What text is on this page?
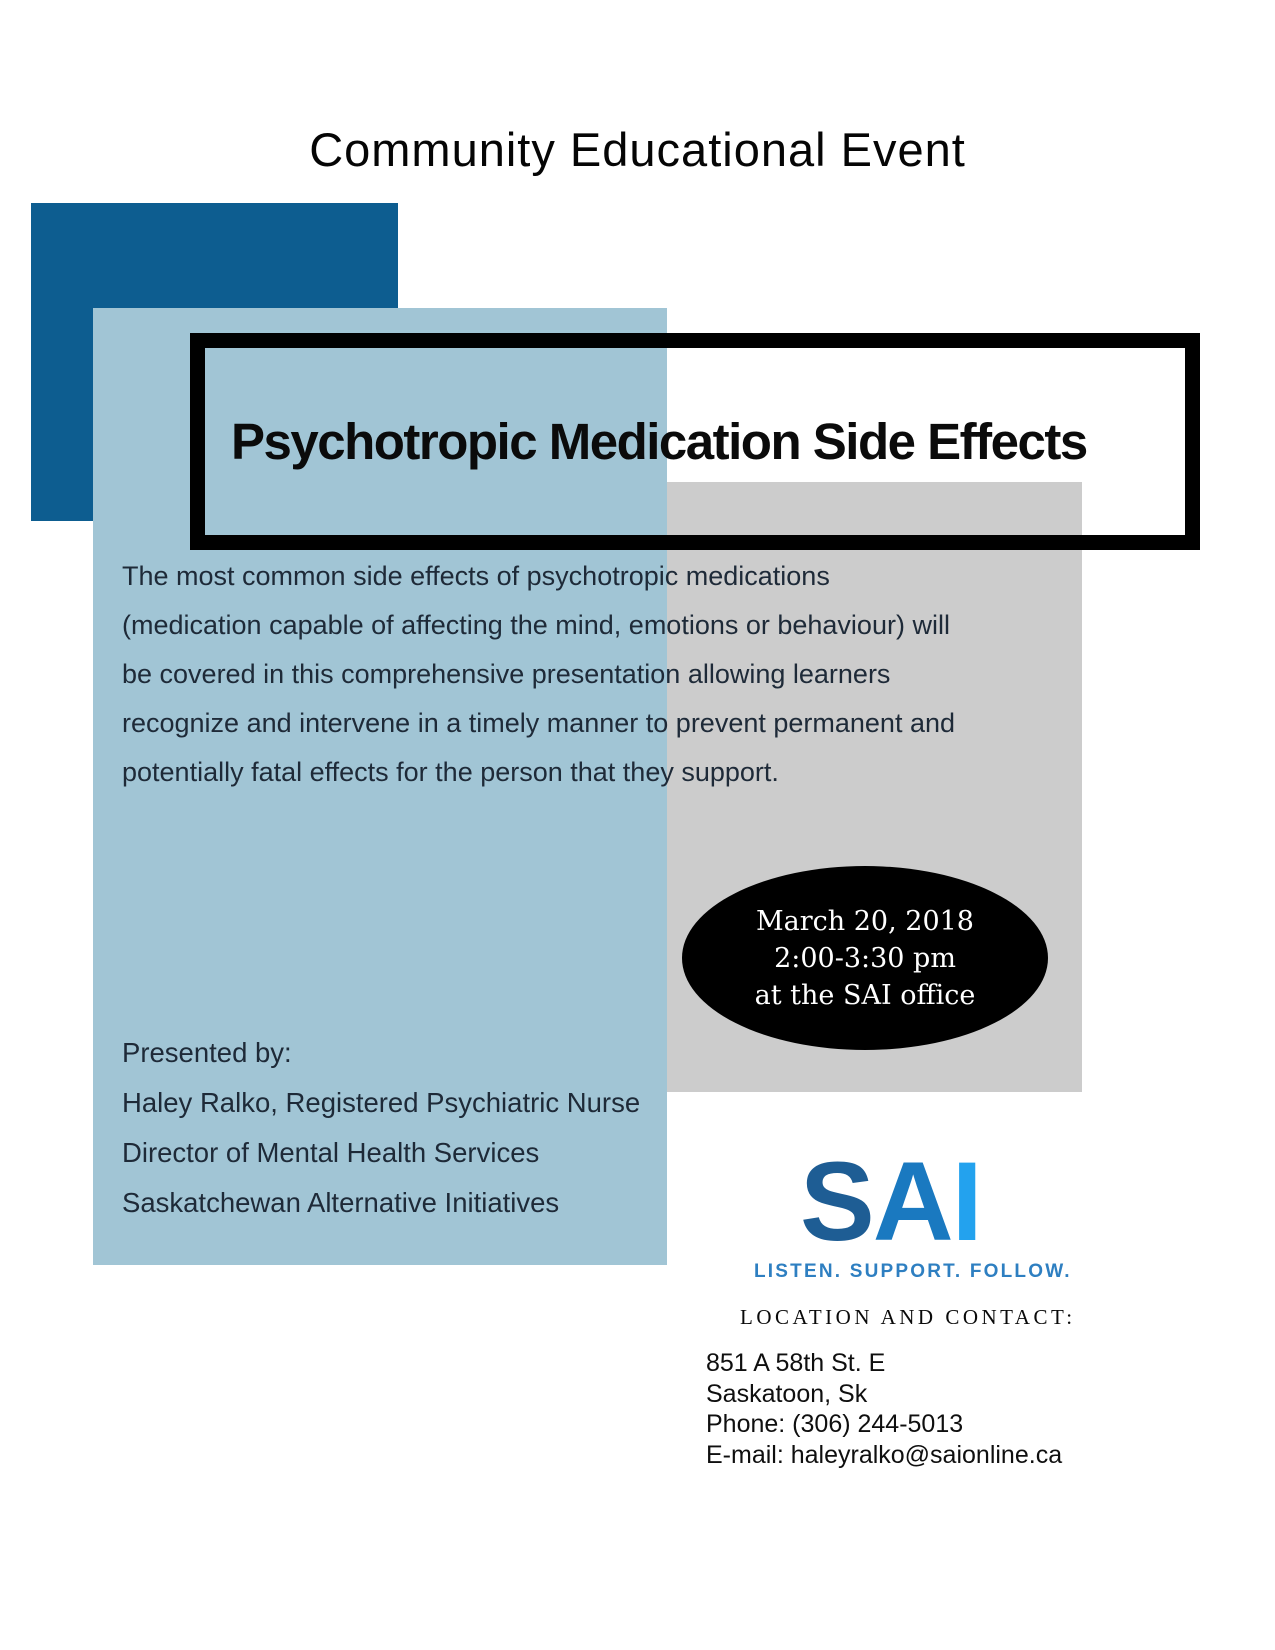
Community Educational Event
Psychotropic Medication Side Effects
The most common side effects of psychotropic medications
(medication capable of affecting the mind, emotions or behaviour) will
be covered in this comprehensive presentation allowing learners
recognize and intervene in a timely manner to prevent permanent and
potentially fatal effects for the person that they support.
March 20, 2018
2:00-3:30 pm
at the SAI office
Presented by:
Haley Ralko, Registered Psychiatric Nurse
Director of Mental Health Services
Saskatchewan Alternative Initiatives	SAI
LISTEN. SUPPORT. FOLLOW.
LOCATION AND CONTACT:
851 A 58th St. E
Saskatoon, Sk
Phone: (306) 244-5013
E-mail: haleyralko@saionline.ca
